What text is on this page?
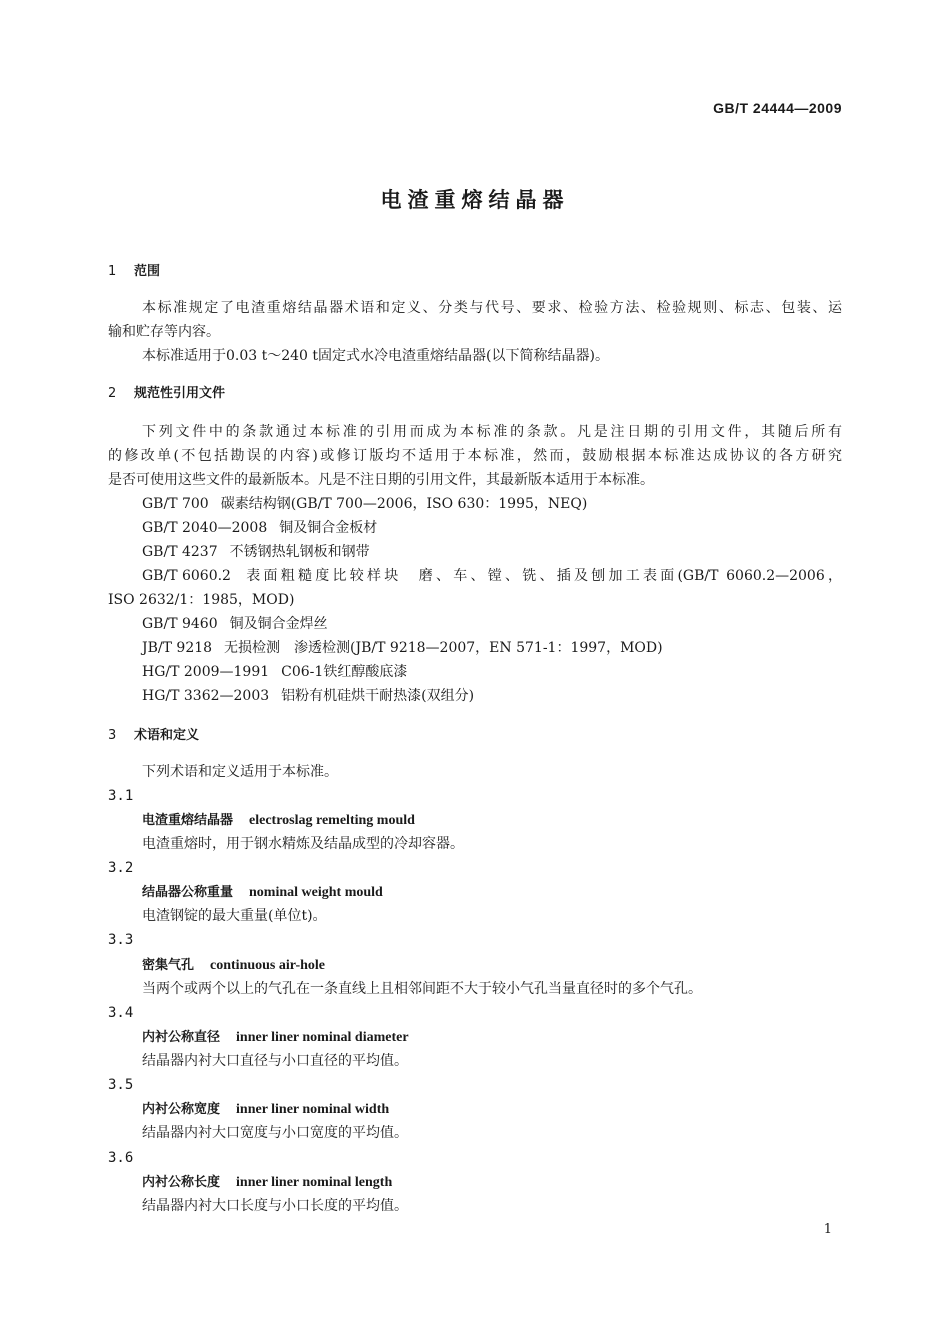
GB/T 24444—2009
电渣重熔结晶器
1 范围
本标准规定了电渣重熔结晶器术语和定义、分类与代号、要求、检验方法、检验规则、标志、包装、运
输和贮存等内容。
本标准适用于0.03 t～240 t固定式水冷电渣重熔结晶器(以下简称结晶器)。
2 规范性引用文件
下列文件中的条款通过本标准的引用而成为本标准的条款。凡是注日期的引用文件，其随后所有
的修改单(不包括勘误的内容)或修订版均不适用于本标准，然而，鼓励根据本标准达成协议的各方研究
是否可使用这些文件的最新版本。凡是不注日期的引用文件，其最新版本适用于本标准。
GB/T 700 碳素结构钢(GB/T 700—2006，ISO 630：1995，NEQ)
GB/T 2040—2008 铜及铜合金板材
GB/T 4237 不锈钢热轧钢板和钢带
GB/T 6060.2 表面粗糙度比较样块　磨、车、镗、铣、插及刨加工表面(GB/T 6060.2—2006，
ISO 2632/1：1985，MOD)
GB/T 9460 铜及铜合金焊丝
JB/T 9218 无损检测　渗透检测(JB/T 9218—2007，EN 571-1：1997，MOD)
HG/T 2009—1991 C06-1铁红醇酸底漆
HG/T 3362—2003 铝粉有机硅烘干耐热漆(双组分)
3 术语和定义
下列术语和定义适用于本标准。
3.1
电渣重熔结晶器 electroslag remelting mould
电渣重熔时，用于钢水精炼及结晶成型的冷却容器。
3.2
结晶器公称重量 nominal weight mould
电渣钢锭的最大重量(单位t)。
3.3
密集气孔 continuous air-hole
当两个或两个以上的气孔在一条直线上且相邻间距不大于较小气孔当量直径时的多个气孔。
3.4
内衬公称直径 inner liner nominal diameter
结晶器内衬大口直径与小口直径的平均值。
3.5
内衬公称宽度 inner liner nominal width
结晶器内衬大口宽度与小口宽度的平均值。
3.6
内衬公称长度 inner liner nominal length
结晶器内衬大口长度与小口长度的平均值。
1
